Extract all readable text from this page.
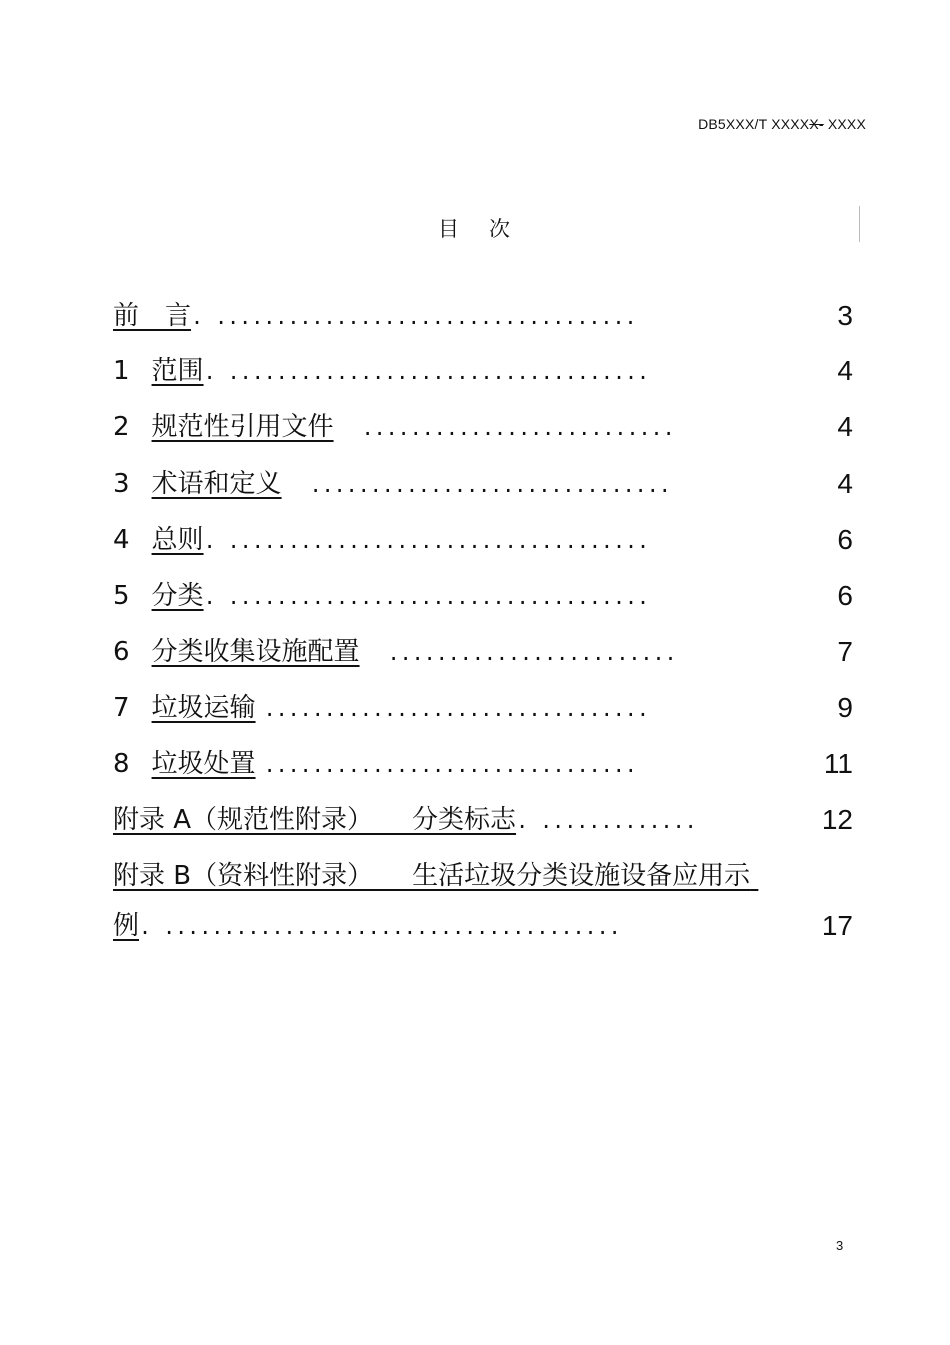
DB5XXX/T XXXXX- XXXX
目 次
前　言. ...................................	3
1 范围. ...................................	4
2 规范性引用文件 ..........................	4
3 术语和定义 ..............................	4
4 总则. ...................................	6
5 分类. ...................................	6
6 分类收集设施配置 ........................	7
7 垃圾运输 ................................	9
8 垃圾处置 ...............................	11
附录 A（规范性附录）　　分类标志. .............	12
附录 B（资料性附录）　　生活垃圾分类设施设备应用示
例. ......................................	17
3
